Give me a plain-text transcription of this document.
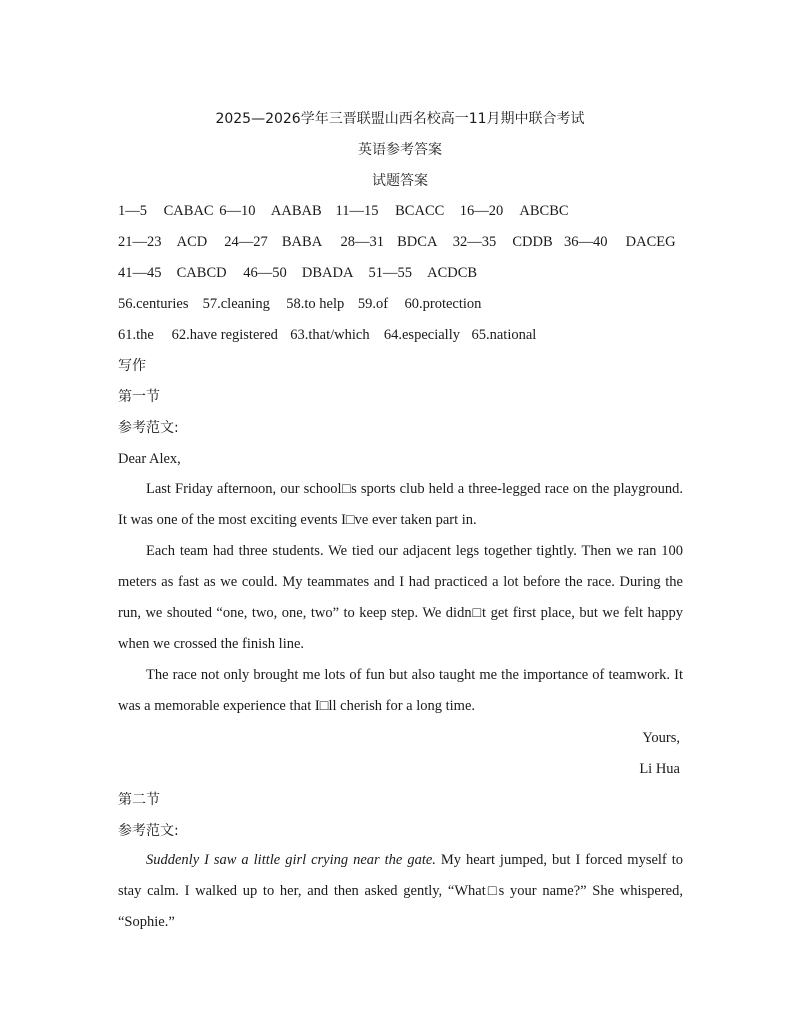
2025—2026学年三晋联盟山西名校高一11月期中联合考试
英语参考答案
试题答案
1—5 CABAC 6—10 AABAB 11—15 BCACC 16—20 ABCBC
21—23 ACD 24—27 BABA 28—31 BDCA 32—35 CDDB 36—40 DACEG
41—45 CABCD 46—50 DBADA 51—55 ACDCB
56.centuries 57.cleaning 58.to help 59.of 60.protection
61.the 62.have registered 63.that/which 64.especially 65.national
写作
第一节
参考范文:
Dear Alex,
Last Friday afternoon, our school□s sports club held a three-legged race on the playground. It was one of the most exciting events I□ve ever taken part in.
Each team had three students. We tied our adjacent legs together tightly. Then we ran 100 meters as fast as we could. My teammates and I had practiced a lot before the race. During the run, we shouted “one, two, one, two” to keep step. We didn□t get first place, but we felt happy when we crossed the finish line.
The race not only brought me lots of fun but also taught me the importance of teamwork. It was a memorable experience that I□ll cherish for a long time.
Yours,
Li Hua
第二节
参考范文:
Suddenly I saw a little girl crying near the gate. My heart jumped, but I forced myself to stay calm. I walked up to her, and then asked gently, “What□s your name?” She whispered, “Sophie.”
